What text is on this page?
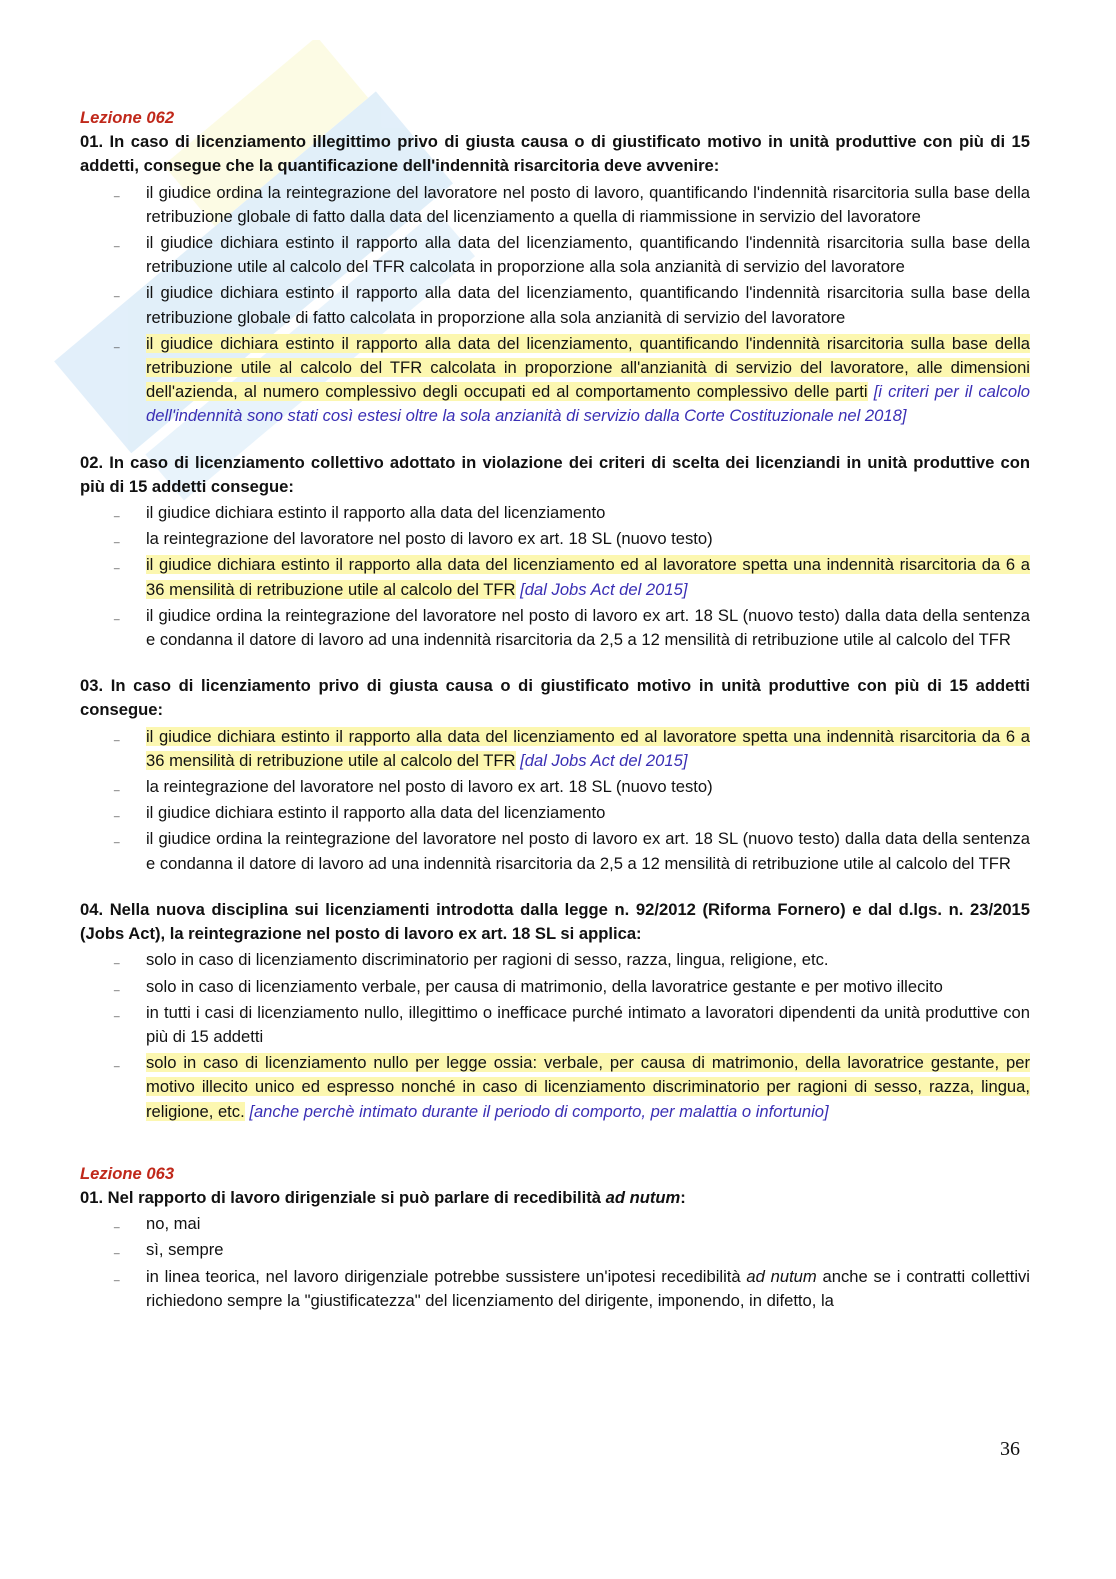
Lezione 062
01. In caso di licenziamento illegittimo privo di giusta causa o di giustificato motivo in unità produttive con più di 15 addetti, consegue che la quantificazione dell'indennità risarcitoria deve avvenire:
_ il giudice ordina la reintegrazione del lavoratore nel posto di lavoro, quantificando l'indennità risarcitoria sulla base della retribuzione globale di fatto dalla data del licenziamento a quella di riammissione in servizio del lavoratore
_ il giudice dichiara estinto il rapporto alla data del licenziamento, quantificando l'indennità risarcitoria sulla base della retribuzione utile al calcolo del TFR calcolata in proporzione alla sola anzianità di servizio del lavoratore
_ il giudice dichiara estinto il rapporto alla data del licenziamento, quantificando l'indennità risarcitoria sulla base della retribuzione globale di fatto calcolata in proporzione alla sola anzianità di servizio del lavoratore
_ il giudice dichiara estinto il rapporto alla data del licenziamento, quantificando l'indennità risarcitoria sulla base della retribuzione utile al calcolo del TFR calcolata in proporzione all'anzianità di servizio del lavoratore, alle dimensioni dell'azienda, al numero complessivo degli occupati ed al comportamento complessivo delle parti [i criteri per il calcolo dell'indennità sono stati così estesi oltre la sola anzianità di servizio dalla Corte Costituzionale nel 2018]
02. In caso di licenziamento collettivo adottato in violazione dei criteri di scelta dei licenziandi in unità produttive con più di 15 addetti consegue:
_ il giudice dichiara estinto il rapporto alla data del licenziamento
_ la reintegrazione del lavoratore nel posto di lavoro ex art. 18 SL (nuovo testo)
_ il giudice dichiara estinto il rapporto alla data del licenziamento ed al lavoratore spetta una indennità risarcitoria da 6 a 36 mensilità di retribuzione utile al calcolo del TFR [dal Jobs Act del 2015]
_ il giudice ordina la reintegrazione del lavoratore nel posto di lavoro ex art. 18 SL (nuovo testo) dalla data della sentenza e condanna il datore di lavoro ad una indennità risarcitoria da 2,5 a 12 mensilità di retribuzione utile al calcolo del TFR
03. In caso di licenziamento privo di giusta causa o di giustificato motivo in unità produttive con più di 15 addetti consegue:
_ il giudice dichiara estinto il rapporto alla data del licenziamento ed al lavoratore spetta una indennità risarcitoria da 6 a 36 mensilità di retribuzione utile al calcolo del TFR [dal Jobs Act del 2015]
_ la reintegrazione del lavoratore nel posto di lavoro ex art. 18 SL (nuovo testo)
_ il giudice dichiara estinto il rapporto alla data del licenziamento
_ il giudice ordina la reintegrazione del lavoratore nel posto di lavoro ex art. 18 SL (nuovo testo) dalla data della sentenza e condanna il datore di lavoro ad una indennità risarcitoria da 2,5 a 12 mensilità di retribuzione utile al calcolo del TFR
04. Nella nuova disciplina sui licenziamenti introdotta dalla legge n. 92/2012 (Riforma Fornero) e dal d.lgs. n. 23/2015 (Jobs Act), la reintegrazione nel posto di lavoro ex art. 18 SL si applica:
_ solo in caso di licenziamento discriminatorio per ragioni di sesso, razza, lingua, religione, etc.
_ solo in caso di licenziamento verbale, per causa di matrimonio, della lavoratrice gestante e per motivo illecito
_ in tutti i casi di licenziamento nullo, illegittimo o inefficace purché intimato a lavoratori dipendenti da unità produttive con più di 15 addetti
_ solo in caso di licenziamento nullo per legge ossia: verbale, per causa di matrimonio, della lavoratrice gestante, per motivo illecito unico ed espresso nonché in caso di licenziamento discriminatorio per ragioni di sesso, razza, lingua, religione, etc. [anche perchè intimato durante il periodo di comporto, per malattia o infortunio]
Lezione 063
01. Nel rapporto di lavoro dirigenziale si può parlare di recedibilità ad nutum:
_ no, mai
_ sì, sempre
_ in linea teorica, nel lavoro dirigenziale potrebbe sussistere un'ipotesi recedibilità ad nutum anche se i contratti collettivi richiedono sempre la "giustificatezza" del licenziamento del dirigente, imponendo, in difetto, la
36
